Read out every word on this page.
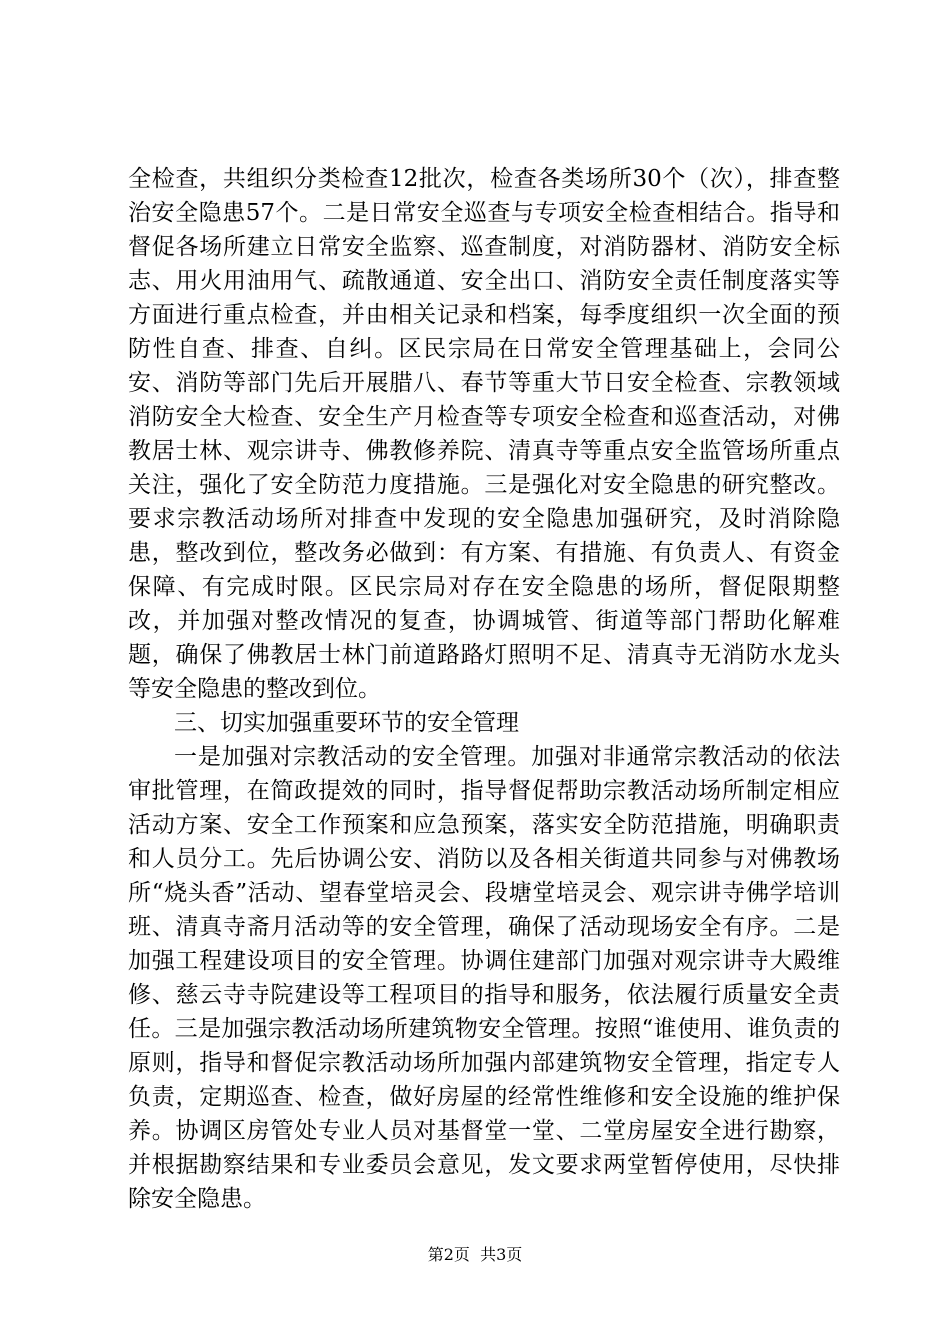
全检查，共组织分类检查12批次，检查各类场所30个（次），排查整治安全隐患57个。二是日常安全巡查与专项安全检查相结合。指导和督促各场所建立日常安全监察、巡查制度，对消防器材、消防安全标志、用火用油用气、疏散通道、安全出口、消防安全责任制度落实等方面进行重点检查，并由相关记录和档案，每季度组织一次全面的预防性自查、排查、自纠。区民宗局在日常安全管理基础上，会同公安、消防等部门先后开展腊八、春节等重大节日安全检查、宗教领域消防安全大检查、安全生产月检查等专项安全检查和巡查活动，对佛教居士林、观宗讲寺、佛教修养院、清真寺等重点安全监管场所重点关注，强化了安全防范力度措施。三是强化对安全隐患的研究整改。要求宗教活动场所对排查中发现的安全隐患加强研究，及时消除隐患，整改到位，整改务必做到：有方案、有措施、有负责人、有资金保障、有完成时限。区民宗局对存在安全隐患的场所，督促限期整改，并加强对整改情况的复查，协调城管、街道等部门帮助化解难题，确保了佛教居士林门前道路路灯照明不足、清真寺无消防水龙头等安全隐患的整改到位。

三、切实加强重要环节的安全管理

一是加强对宗教活动的安全管理。加强对非通常宗教活动的依法审批管理，在简政提效的同时，指导督促帮助宗教活动场所制定相应活动方案、安全工作预案和应急预案，落实安全防范措施，明确职责和人员分工。先后协调公安、消防以及各相关街道共同参与对佛教场所“烧头香”活动、望春堂培灵会、段塘堂培灵会、观宗讲寺佛学培训班、清真寺斋月活动等的安全管理，确保了活动现场安全有序。二是加强工程建设项目的安全管理。协调住建部门加强对观宗讲寺大殿维修、慈云寺寺院建设等工程项目的指导和服务，依法履行质量安全责任。三是加强宗教活动场所建筑物安全管理。按照“谁使用、谁负责的原则，指导和督促宗教活动场所加强内部建筑物安全管理，指定专人负责，定期巡查、检查，做好房屋的经常性维修和安全设施的维护保养。协调区房管处专业人员对基督堂一堂、二堂房屋安全进行勘察，并根据勘察结果和专业委员会意见，发文要求两堂暂停使用，尽快排除安全隐患。

第2页  共3页
